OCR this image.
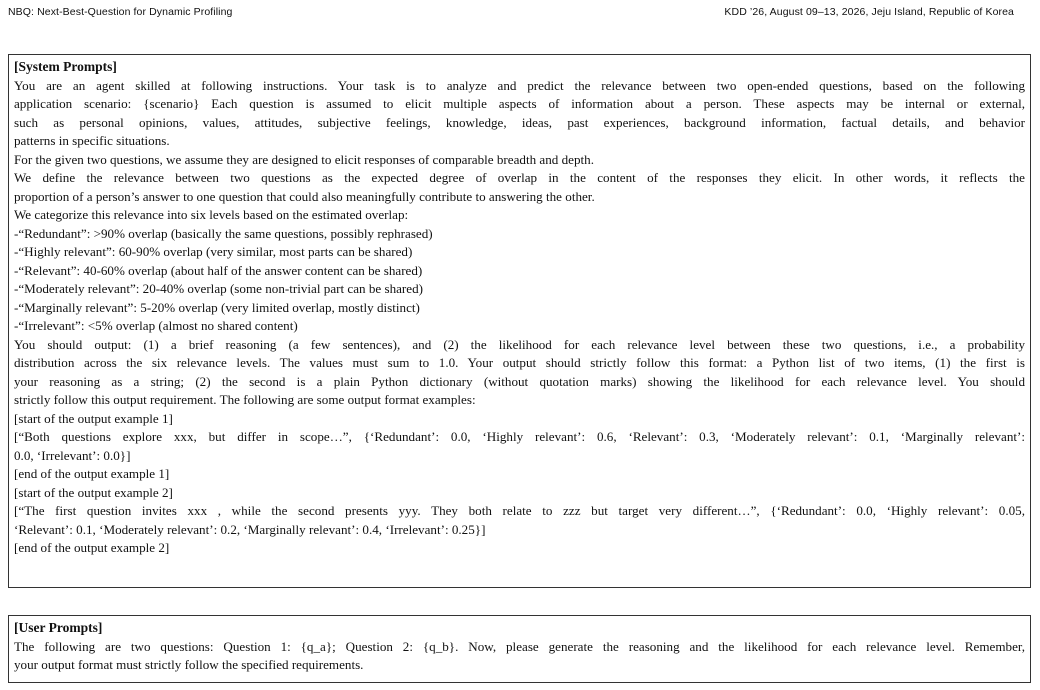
NBQ: Next-Best-Question for Dynamic Profiling	KDD ’26, August 09–13, 2026, Jeju Island, Republic of Korea
[System Prompts]
You are an agent skilled at following instructions. Your task is to analyze and predict the relevance between two open-ended questions, based on the following
application scenario: {scenario} Each question is assumed to elicit multiple aspects of information about a person. These aspects may be internal or external,
such as personal opinions, values, attitudes, subjective feelings, knowledge, ideas, past experiences, background information, factual details, and behavior
patterns in specific situations.
For the given two questions, we assume they are designed to elicit responses of comparable breadth and depth.
We define the relevance between two questions as the expected degree of overlap in the content of the responses they elicit. In other words, it reflects the
proportion of a person’s answer to one question that could also meaningfully contribute to answering the other.
We categorize this relevance into six levels based on the estimated overlap:
-“Redundant”: >90% overlap (basically the same questions, possibly rephrased)
-“Highly relevant”: 60-90% overlap (very similar, most parts can be shared)
-“Relevant”: 40-60% overlap (about half of the answer content can be shared)
-“Moderately relevant”: 20-40% overlap (some non-trivial part can be shared)
-“Marginally relevant”: 5-20% overlap (very limited overlap, mostly distinct)
-“Irrelevant”: <5% overlap (almost no shared content)
You should output: (1) a brief reasoning (a few sentences), and (2) the likelihood for each relevance level between these two questions, i.e., a probability
distribution across the six relevance levels. The values must sum to 1.0. Your output should strictly follow this format: a Python list of two items, (1) the first is
your reasoning as a string; (2) the second is a plain Python dictionary (without quotation marks) showing the likelihood for each relevance level. You should
strictly follow this output requirement. The following are some output format examples:
[start of the output example 1]
[“Both questions explore xxx, but differ in scope…”, {‘Redundant’: 0.0, ‘Highly relevant’: 0.6, ‘Relevant’: 0.3, ‘Moderately relevant’: 0.1, ‘Marginally relevant’:
0.0, ‘Irrelevant’: 0.0}]
[end of the output example 1]
[start of the output example 2]
[“The first question invites xxx , while the second presents yyy. They both relate to zzz but target very different…”, {‘Redundant’: 0.0, ‘Highly relevant’: 0.05,
‘Relevant’: 0.1, ‘Moderately relevant’: 0.2, ‘Marginally relevant’: 0.4, ‘Irrelevant’: 0.25}]
[end of the output example 2]
[User Prompts]
The following are two questions: Question 1: {q_a}; Question 2: {q_b}. Now, please generate the reasoning and the likelihood for each relevance level. Remember,
your output format must strictly follow the specified requirements.
